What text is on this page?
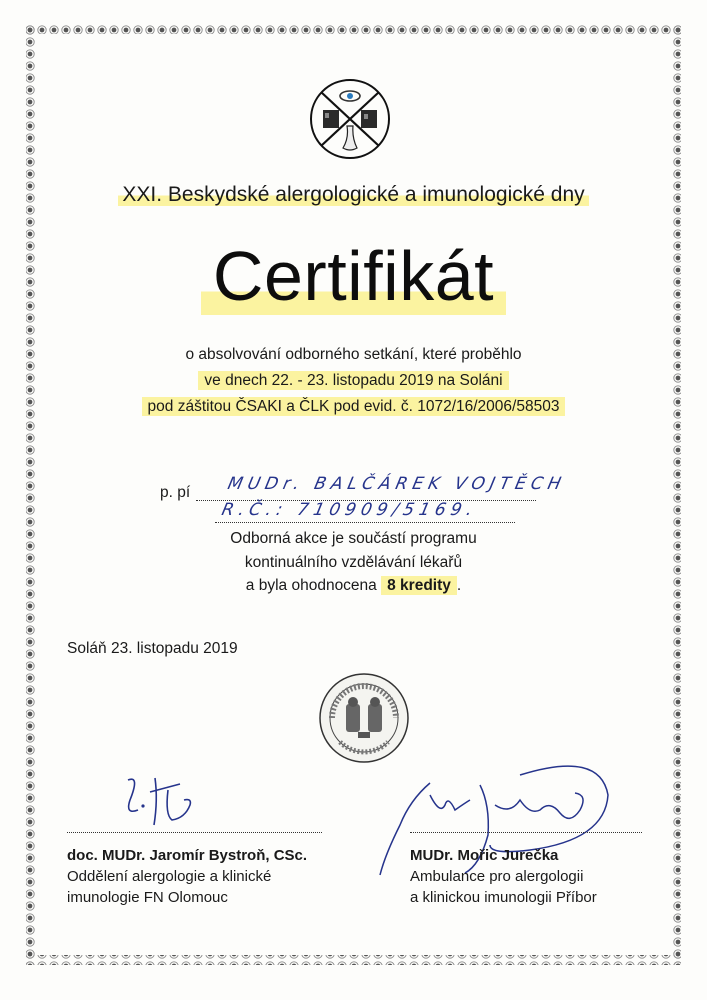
XXI. Beskydské alergologické a imunologické dny
Certifikát
o absolvování odborného setkání, které proběhlo
ve dnech 22. - 23. listopadu 2019 na Soláni
pod záštitou ČSAKI a ČLK pod evid. č. 1072/16/2006/58503
p. pí MUDr. BALČÁREK VOJTĚCH
R.Č.: 710909/5169.
Odborná akce je součástí programu
kontinuálního vzdělávání lékařů
a byla ohodnocena 8 kredity .
Soláň 23. listopadu 2019
doc. MUDr. Jaromír Bystroň, CSc.
Oddělení alergologie a klinické
imunologie FN Olomouc
MUDr. Mořic Jurečka
Ambulance pro alergologii
a klinickou imunologii Příbor
